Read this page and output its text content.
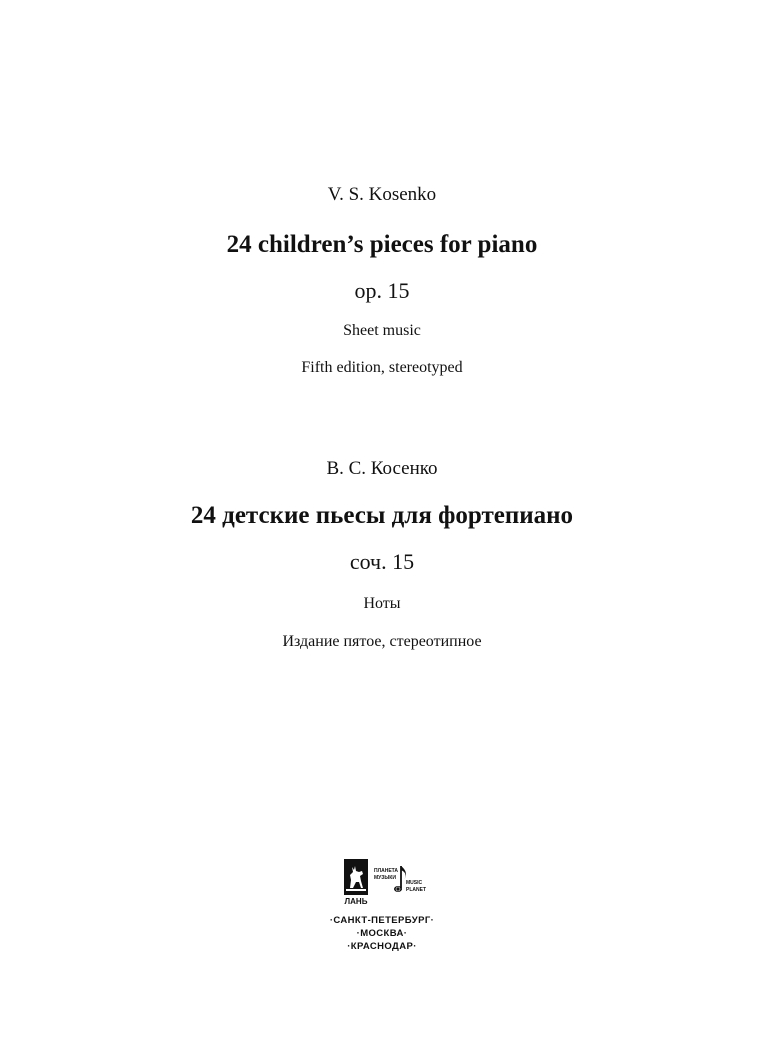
V. S. Kosenko
24 children’s pieces for piano
op. 15
Sheet music
Fifth edition, stereotyped
В. С. Косенко
24 детские пьесы для фортепиано
соч. 15
Ноты
Издание пятое, стереотипное
ЛАНЬ
ПЛАНЕТА
МУЗЫКИ
MUSIC
PLANET
·САНКТ-ПЕТЕРБУРГ·
·МОСКВА·
·КРАСНОДАР·
